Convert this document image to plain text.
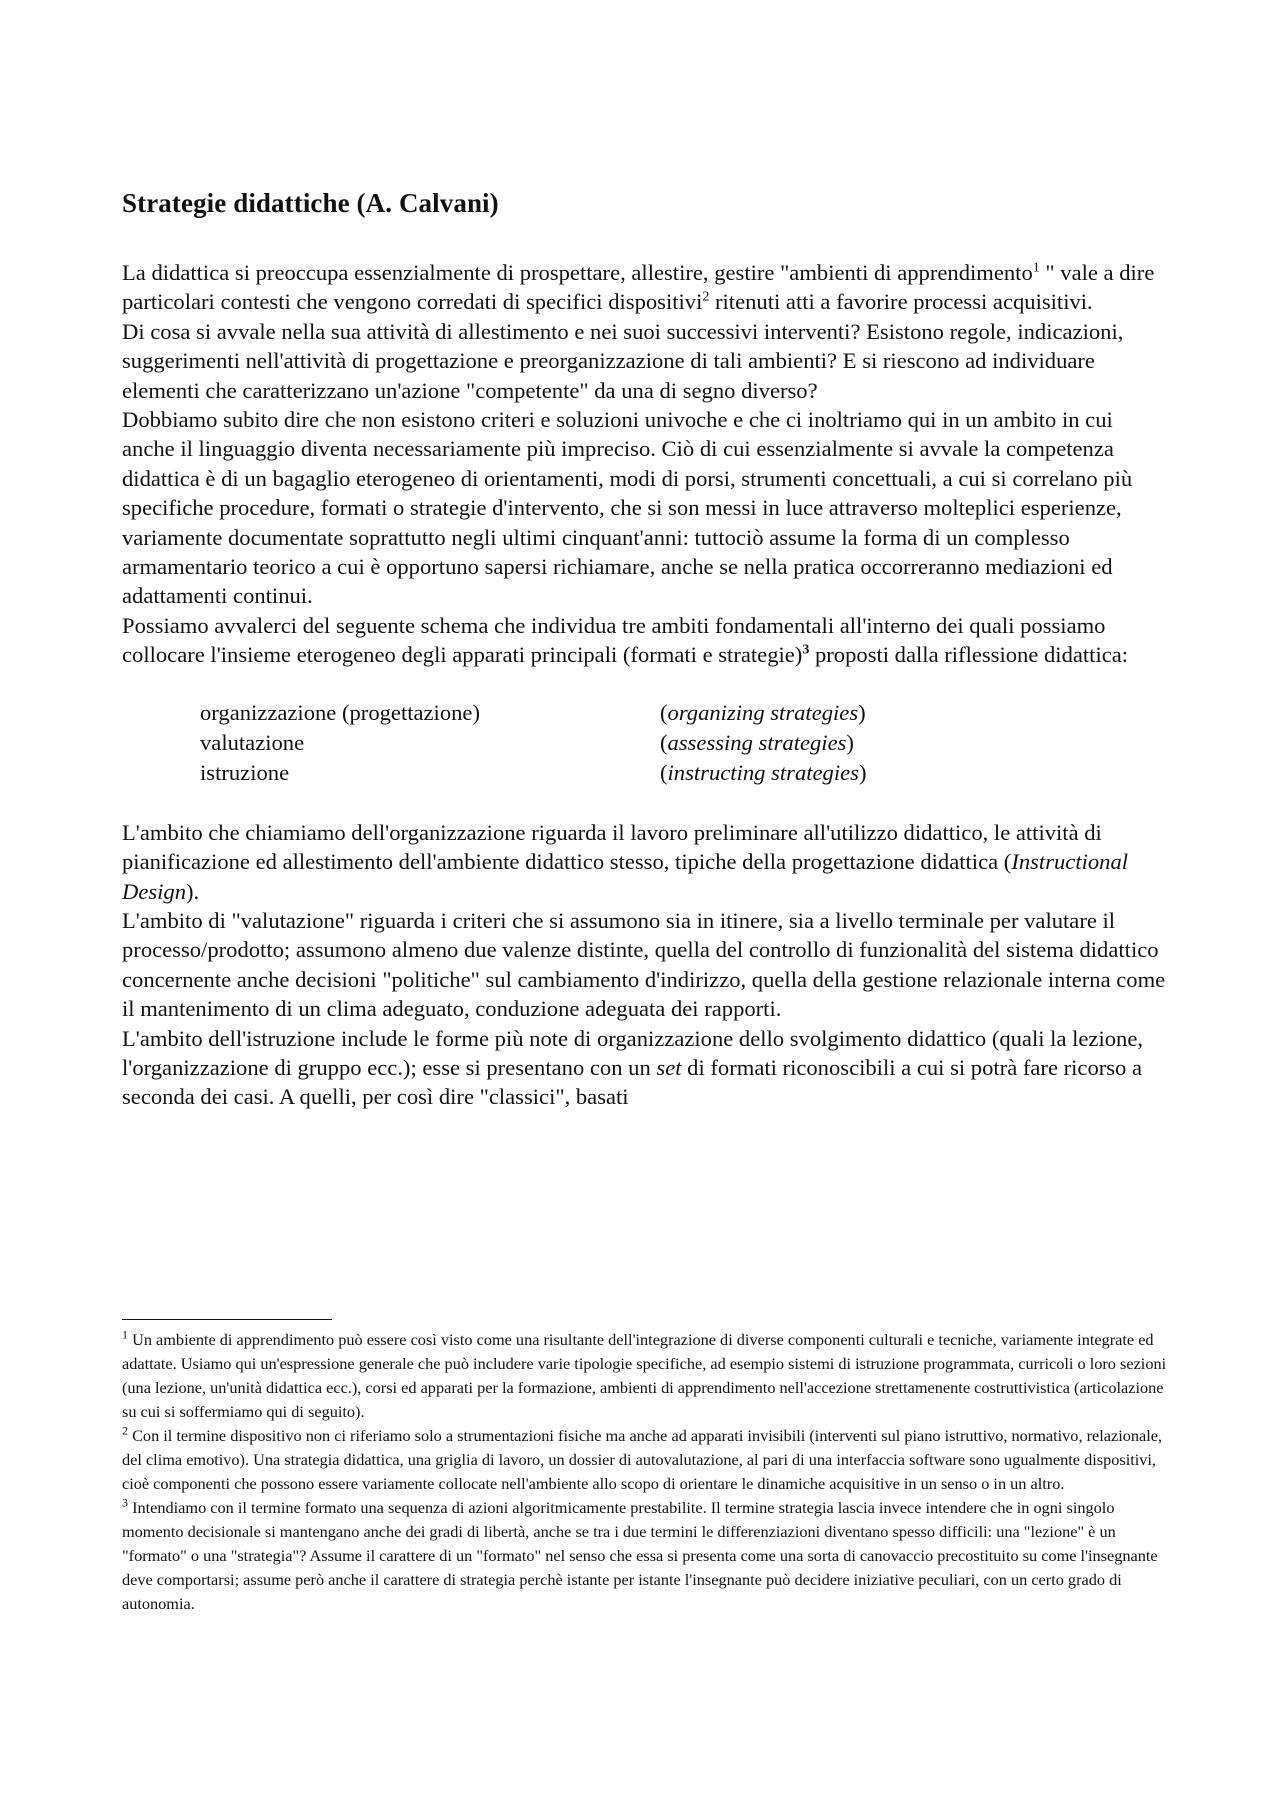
Strategie didattiche (A. Calvani)

La didattica si preoccupa essenzialmente di prospettare, allestire, gestire "ambienti di apprendimento$^1$ " vale a dire particolari contesti che vengono corredati di specifici dispositivi$^2$ ritenuti atti a favorire processi acquisitivi.

Di cosa si avvale nella sua attività di allestimento e nei suoi successivi interventi? Esistono regole, indicazioni, suggerimenti nell'attività di progettazione e preorganizzazione di tali ambienti? E si riescono ad individuare elementi che caratterizzano un'azione "competente" da una di segno diverso?

Dobbiamo subito dire che non esistono criteri e soluzioni univoche e che ci inoltriamo qui in un ambito in cui anche il linguaggio diventa necessariamente più impreciso. Ciò di cui essenzialmente si avvale la competenza didattica è di un bagaglio eterogeneo di orientamenti, modi di porsi, strumenti concettuali, a cui si correlano più specifiche procedure, formati o strategie d'intervento, che si son messi in luce attraverso molteplici esperienze, variamente documentate soprattutto negli ultimi cinquant'anni: tuttociò assume la forma di un complesso armamentario teorico a cui è opportuno sapersi richiamare, anche se nella pratica occorreranno mediazioni ed adattamenti continui.

Possiamo avvalerci del seguente schema che individua tre ambiti fondamentali all'interno dei quali possiamo collocare l'insieme eterogeneo degli apparati principali (formati e strategie)$^3$ proposti dalla riflessione didattica:

organizzazione (progettazione)	(organizing strategies)
valutazione	(assessing strategies)
istruzione	(instructing strategies)

L'ambito che chiamiamo dell'organizzazione riguarda il lavoro preliminare all'utilizzo didattico, le attività di pianificazione ed allestimento dell'ambiente didattico stesso, tipiche della progettazione didattica (Instructional Design).

L'ambito di "valutazione" riguarda i criteri che si assumono sia in itinere, sia a livello terminale per valutare il processo/prodotto; assumono almeno due valenze distinte, quella del controllo di funzionalità del sistema didattico concernente anche decisioni "politiche" sul cambiamento d'indirizzo, quella della gestione relazionale interna come il mantenimento di un clima adeguato, conduzione adeguata dei rapporti.

L'ambito dell'istruzione include le forme più note di organizzazione dello svolgimento didattico (quali la lezione, l'organizzazione di gruppo ecc.); esse si presentano con un set di formati riconoscibili a cui si potrà fare ricorso a seconda dei casi. A quelli, per così dire "classici", basati

$^1$ Un ambiente di apprendimento può essere così visto come una risultante dell'integrazione di diverse componenti culturali e tecniche, variamente integrate ed adattate. Usiamo qui un'espressione generale che può includere varie tipologie specifiche, ad esempio sistemi di istruzione programmata, curricoli o loro sezioni (una lezione, un'unità didattica ecc.), corsi ed apparati per la formazione, ambienti di apprendimento nell'accezione strettamenente costruttivistica (articolazione su cui si soffermiamo qui di seguito).

$^2$ Con il termine dispositivo non ci riferiamo solo a strumentazioni fisiche ma anche ad apparati invisibili (interventi sul piano istruttivo, normativo, relazionale, del clima emotivo). Una strategia didattica, una griglia di lavoro, un dossier di autovalutazione, al pari di una interfaccia software sono ugualmente dispositivi, cioè componenti che possono essere variamente collocate nell'ambiente allo scopo di orientare le dinamiche acquisitive in un senso o in un altro.

$^3$ Intendiamo con il termine formato una sequenza di azioni algoritmicamente prestabilite. Il termine strategia lascia invece intendere che in ogni singolo momento decisionale si mantengano anche dei gradi di libertà, anche se tra i due termini le differenziazioni diventano spesso difficili: una "lezione" è un "formato" o una "strategia"? Assume il carattere di un "formato" nel senso che essa si presenta come una sorta di canovaccio precostituito su come l'insegnante deve comportarsi; assume però anche il carattere di strategia perchè istante per istante l'insegnante può decidere iniziative peculiari, con un certo grado di autonomia.
